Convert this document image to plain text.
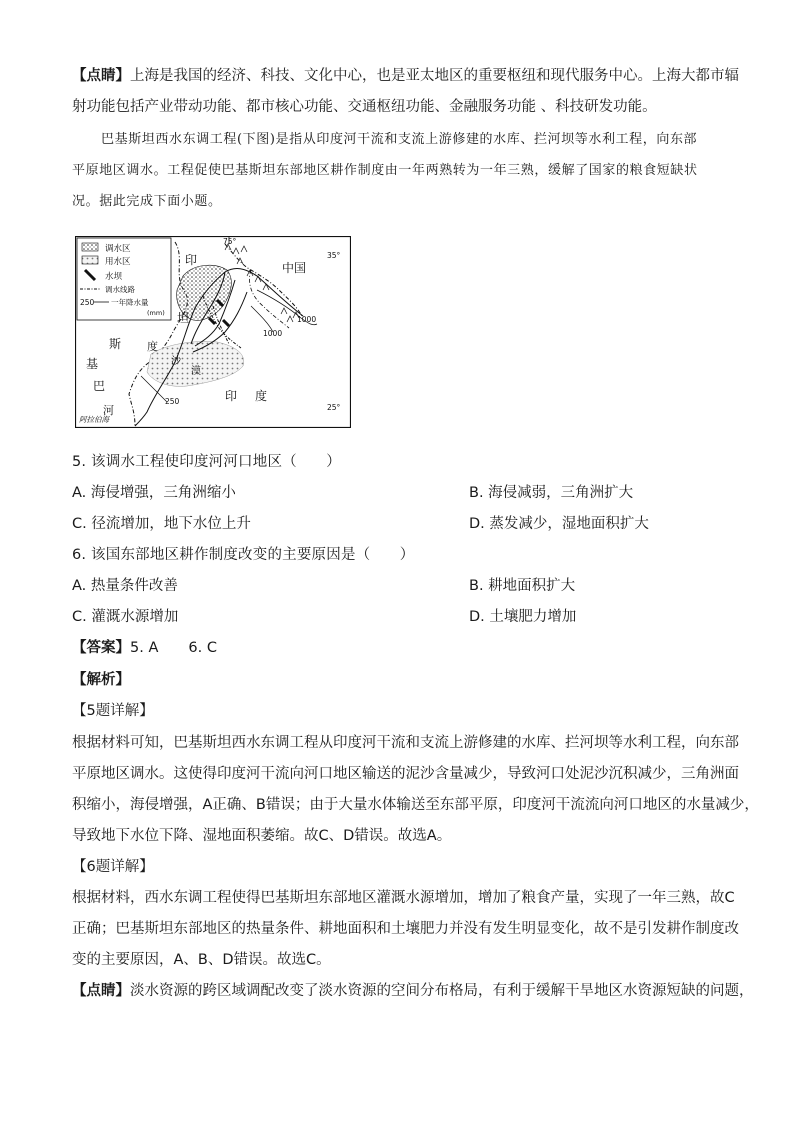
【点睛】上海是我国的经济、科技、文化中心，也是亚太地区的重要枢纽和现代服务中心。上海大都市辐
射功能包括产业带动功能、都市核心功能、交通枢纽功能、金融服务功能 、科技研发功能。
巴基斯坦西水东调工程(下图)是指从印度河干流和支流上游修建的水库、拦河坝等水利工程，向东部
平原地区调水。工程促使巴基斯坦东部地区耕作制度由一年两熟转为一年三熟，缓解了国家的粮食短缺状
况。据此完成下面小题。
调水区
用水区
水坝
调水线路
250 一年降水量
(mm)
75°
35°
25°
中国
印
坦
斯
基
巴
印 度
度
河
沙
漠
1000
1000
250
阿拉伯海
5. 该调水工程使印度河河口地区（　　）
A. 海侵增强，三角洲缩小	B. 海侵减弱，三角洲扩大
C. 径流增加，地下水位上升	D. 蒸发减少，湿地面积扩大
6. 该国东部地区耕作制度改变的主要原因是（　　）
A. 热量条件改善	B. 耕地面积扩大
C. 灌溉水源增加	D. 土壤肥力增加
【答案】5. A 6. C
【解析】
【5题详解】
根据材料可知，巴基斯坦西水东调工程从印度河干流和支流上游修建的水库、拦河坝等水利工程，向东部
平原地区调水。这使得印度河干流向河口地区输送的泥沙含量减少，导致河口处泥沙沉积减少，三角洲面
积缩小，海侵增强，A正确、B错误；由于大量水体输送至东部平原，印度河干流流向河口地区的水量减少，
导致地下水位下降、湿地面积萎缩。故C、D错误。故选A。
【6题详解】
根据材料，西水东调工程使得巴基斯坦东部地区灌溉水源增加，增加了粮食产量，实现了一年三熟，故C
正确；巴基斯坦东部地区的热量条件、耕地面积和土壤肥力并没有发生明显变化，故不是引发耕作制度改
变的主要原因，A、B、D错误。故选C。
【点睛】淡水资源的跨区域调配改变了淡水资源的空间分布格局，有利于缓解干旱地区水资源短缺的问题，
